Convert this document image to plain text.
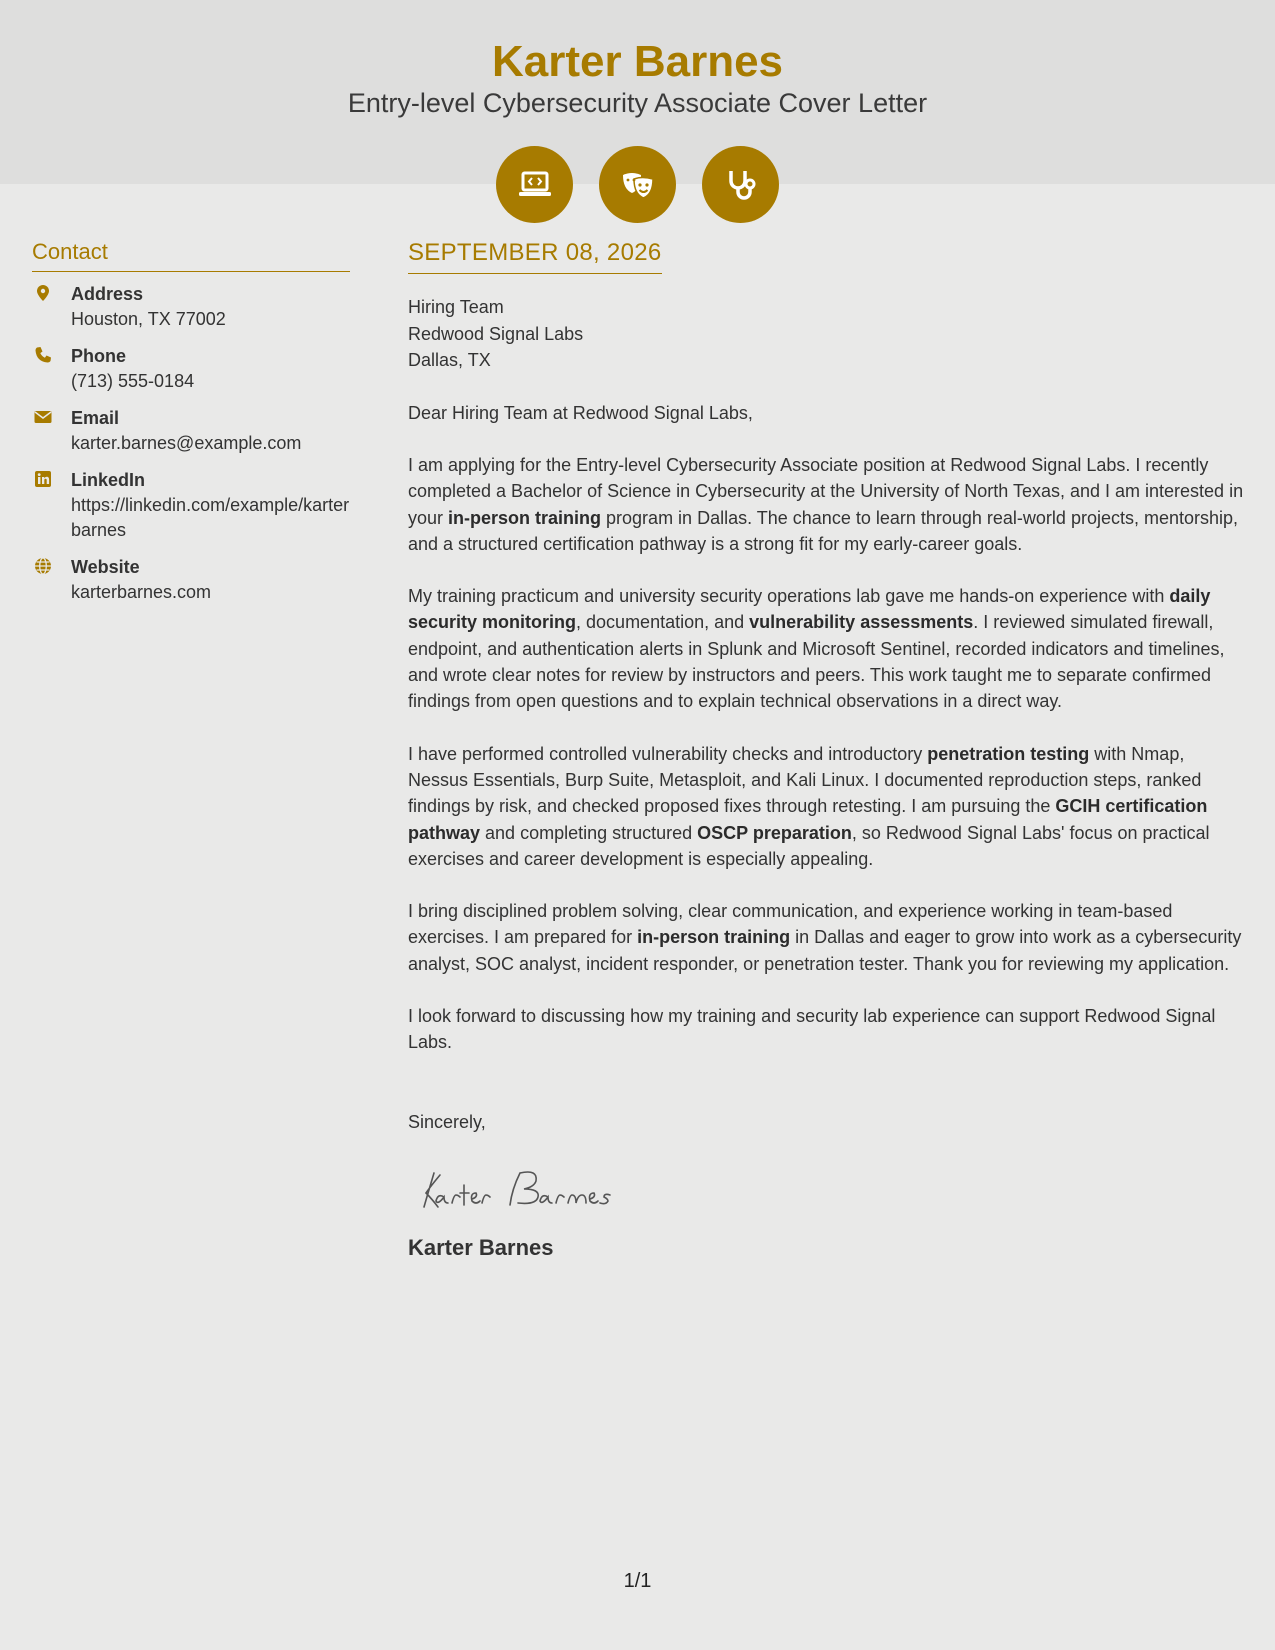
Karter Barnes
Entry-level Cybersecurity Associate Cover Letter
Contact
Address
Houston, TX 77002
Phone
(713) 555-0184
Email
karter.barnes@example.com
LinkedIn
https://linkedin.com/example/karterbarnes
Website
karterbarnes.com
SEPTEMBER 08, 2026
Hiring Team
Redwood Signal Labs
Dallas, TX
Dear Hiring Team at Redwood Signal Labs,
I am applying for the Entry-level Cybersecurity Associate position at Redwood Signal Labs. I recently completed a Bachelor of Science in Cybersecurity at the University of North Texas, and I am interested in your in-person training program in Dallas. The chance to learn through real-world projects, mentorship, and a structured certification pathway is a strong fit for my early-career goals.
My training practicum and university security operations lab gave me hands-on experience with daily security monitoring, documentation, and vulnerability assessments. I reviewed simulated firewall, endpoint, and authentication alerts in Splunk and Microsoft Sentinel, recorded indicators and timelines, and wrote clear notes for review by instructors and peers. This work taught me to separate confirmed findings from open questions and to explain technical observations in a direct way.
I have performed controlled vulnerability checks and introductory penetration testing with Nmap, Nessus Essentials, Burp Suite, Metasploit, and Kali Linux. I documented reproduction steps, ranked findings by risk, and checked proposed fixes through retesting. I am pursuing the GCIH certification pathway and completing structured OSCP preparation, so Redwood Signal Labs' focus on practical exercises and career development is especially appealing.
I bring disciplined problem solving, clear communication, and experience working in team-based exercises. I am prepared for in-person training in Dallas and eager to grow into work as a cybersecurity analyst, SOC analyst, incident responder, or penetration tester. Thank you for reviewing my application.
I look forward to discussing how my training and security lab experience can support Redwood Signal Labs.
Sincerely,
Karter Barnes
1/1
